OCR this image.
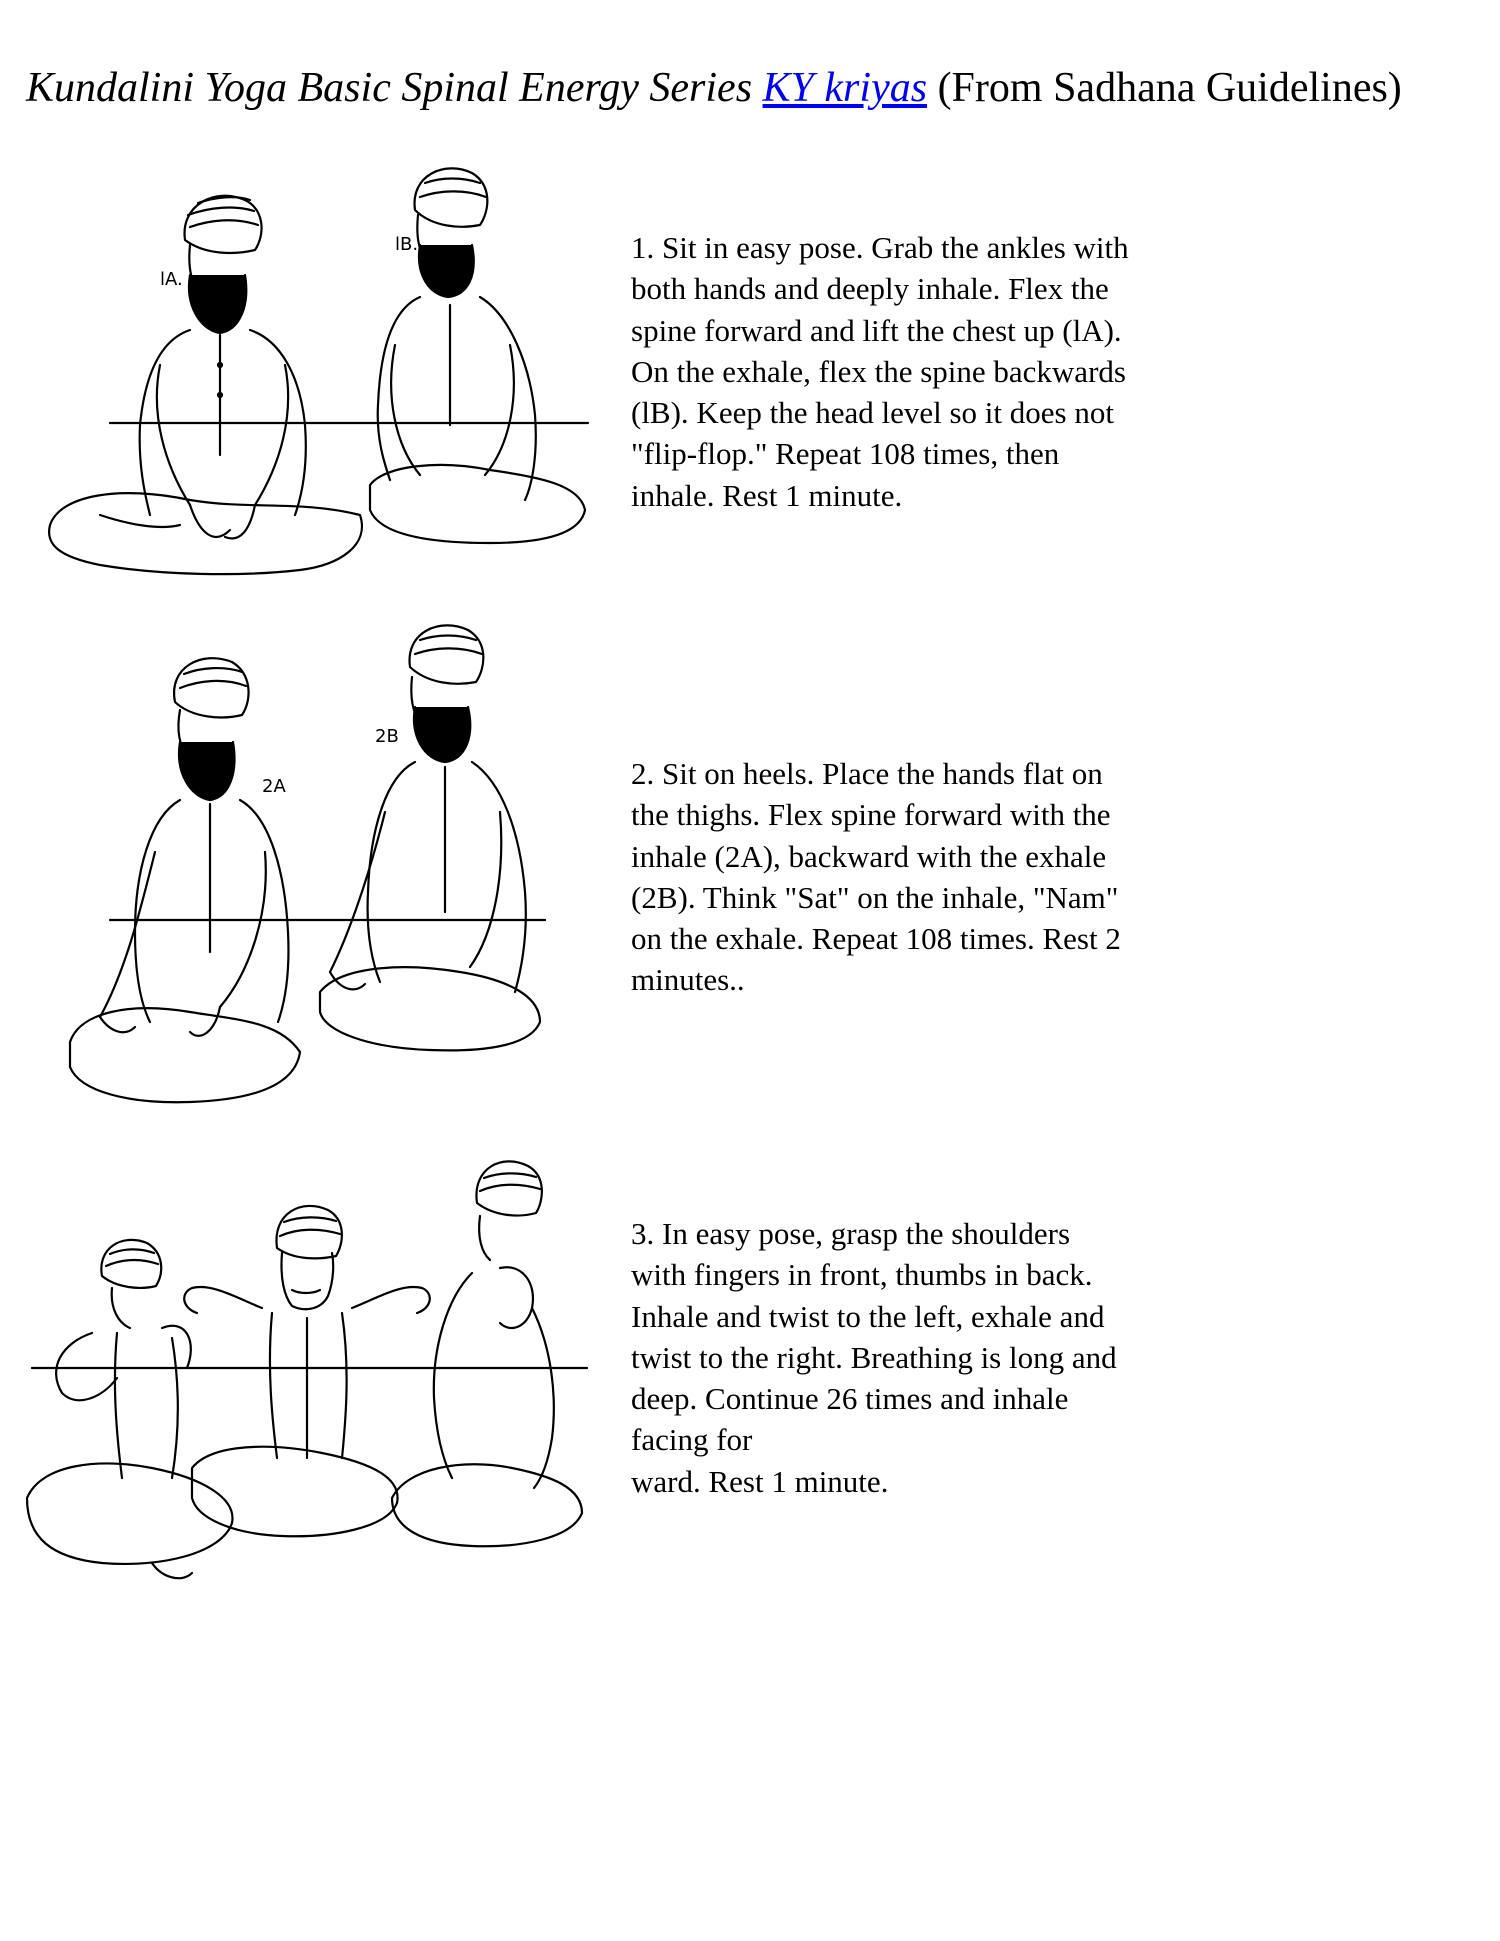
Kundalini Yoga Basic Spinal Energy Series KY kriyas (From Sadhana Guidelines)
lA.
lB.	1. Sit in easy pose. Grab the ankles with
both hands and deeply inhale. Flex the
spine forward and lift the chest up (lA).
On the exhale, flex the spine backwards
(lB). Keep the head level so it does not
"flip-flop." Repeat 108 times, then
inhale. Rest 1 minute.

2A
2B

2. Sit on heels. Place the hands flat on
the thighs. Flex spine forward with the
inhale (2A), backward with the exhale
(2B). Think "Sat" on the inhale, "Nam"
on the exhale. Repeat 108 times. Rest 2
minutes..

3. In easy pose, grasp the shoulders
with fingers in front, thumbs in back.
Inhale and twist to the left, exhale and
twist to the right. Breathing is long and
deep. Continue 26 times and inhale
facing for
ward. Rest 1 minute.
